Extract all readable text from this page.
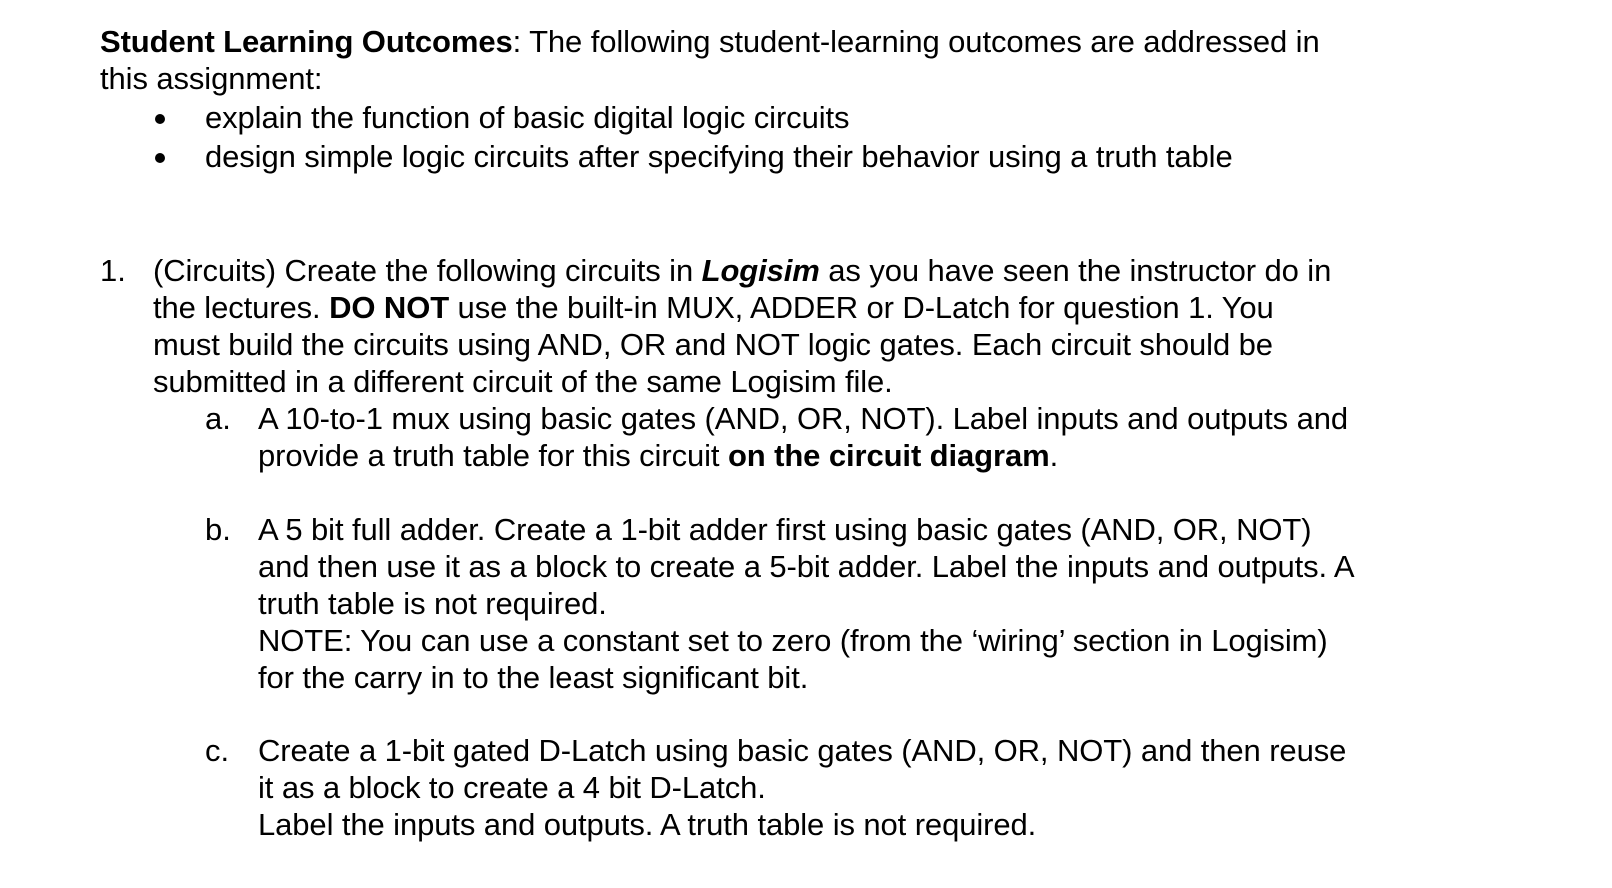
Student Learning Outcomes: The following student-learning outcomes are addressed in
this assignment:
explain the function of basic digital logic circuits
design simple logic circuits after specifying their behavior using a truth table
1. (Circuits) Create the following circuits in Logisim as you have seen the instructor do in
the lectures. DO NOT use the built-in MUX, ADDER or D-Latch for question 1. You
must build the circuits using AND, OR and NOT logic gates. Each circuit should be
submitted in a different circuit of the same Logisim file.
a. A 10-to-1 mux using basic gates (AND, OR, NOT). Label inputs and outputs and
provide a truth table for this circuit on the circuit diagram.
b. A 5 bit full adder. Create a 1-bit adder first using basic gates (AND, OR, NOT)
and then use it as a block to create a 5-bit adder. Label the inputs and outputs. A
truth table is not required.
NOTE: You can use a constant set to zero (from the ‘wiring’ section in Logisim)
for the carry in to the least significant bit.
c. Create a 1-bit gated D-Latch using basic gates (AND, OR, NOT) and then reuse
it as a block to create a 4 bit D-Latch.
Label the inputs and outputs. A truth table is not required.
